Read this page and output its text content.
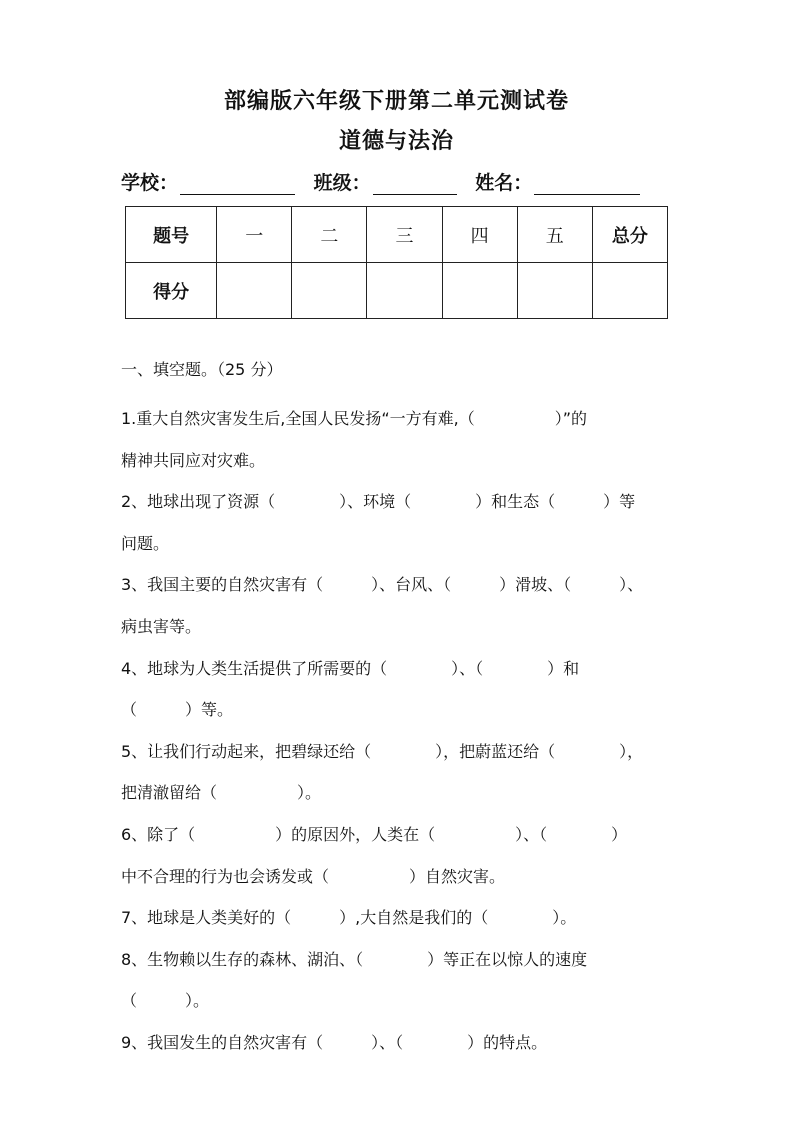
部编版六年级下册第二单元测试卷
道德与法治
学校：	班级：	姓名：
题号	一	二	三	四	五	总分
得分						
一、填空题。（25 分）
1.重大自然灾害发生后,全国人民发扬“一方有难,（　　　　　）”的
精神共同应对灾难。
2、地球出现了资源（　　　　）、环境（　　　　）和生态（　　　）等
问题。
3、我国主要的自然灾害有（　　　）、台风、（　　　）滑坡、（　　　）、
病虫害等。
4、地球为人类生活提供了所需要的（　　　　）、（　　　　）和
（　　　）等。
5、让我们行动起来，把碧绿还给（　　　　），把蔚蓝还给（　　　　），
把清澈留给（　　　　　）。
6、除了（　　　　　）的原因外，人类在（　　　　　）、（　　　　）
中不合理的行为也会诱发或（　　　　　）自然灾害。
7、地球是人类美好的（　　　）,大自然是我们的（　　　　）。
8、生物赖以生存的森林、湖泊、（　　　　）等正在以惊人的速度
（　　　）。
9、我国发生的自然灾害有（　　　）、（　　　　）的特点。
